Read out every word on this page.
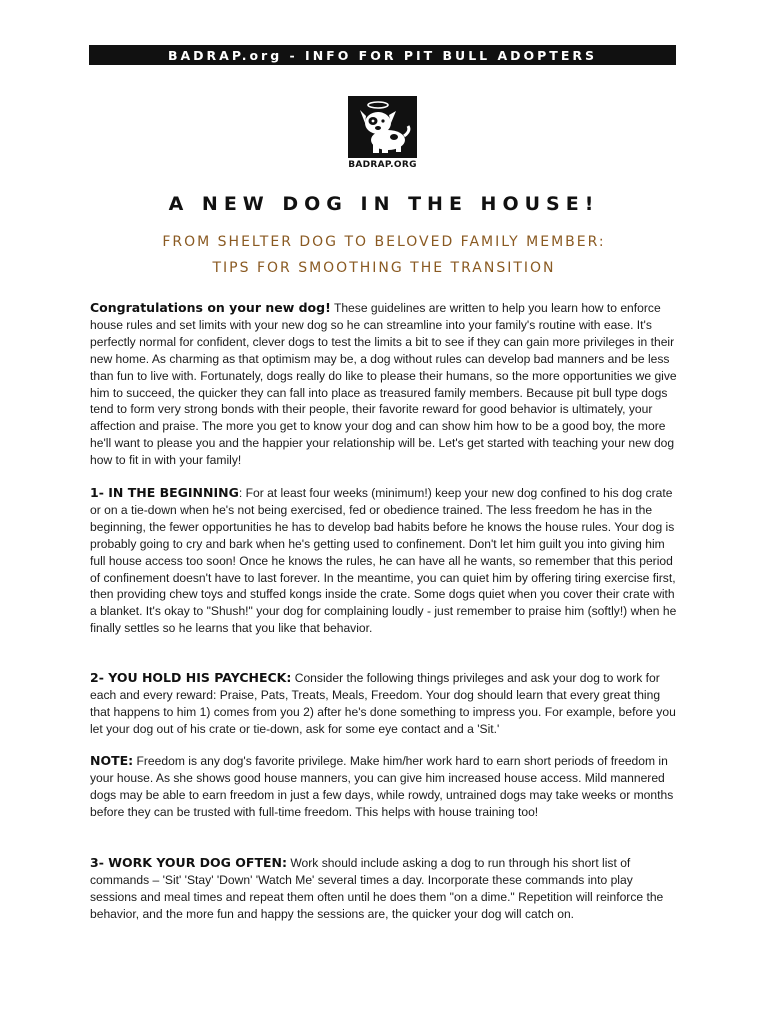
BADRAP.org - INFO FOR PIT BULL ADOPTERS
BADRAP.ORG
A NEW DOG IN THE HOUSE!
FROM SHELTER DOG TO BELOVED FAMILY MEMBER:
TIPS FOR SMOOTHING THE TRANSITION
Congratulations on your new dog! These guidelines are written to help you learn how to enforce house rules and set limits with your new dog so he can streamline into your family's routine with ease. It's perfectly normal for confident, clever dogs to test the limits a bit to see if they can gain more privileges in their new home. As charming as that optimism may be, a dog without rules can develop bad manners and be less than fun to live with. Fortunately, dogs really do like to please their humans, so the more opportunities we give him to succeed, the quicker they can fall into place as treasured family members. Because pit bull type dogs tend to form very strong bonds with their people, their favorite reward for good behavior is ultimately, your affection and praise. The more you get to know your dog and can show him how to be a good boy, the more he'll want to please you and the happier your relationship will be. Let's get started with teaching your new dog how to fit in with your family!
1- IN THE BEGINNING: For at least four weeks (minimum!) keep your new dog confined to his dog crate or on a tie-down when he's not being exercised, fed or obedience trained. The less freedom he has in the beginning, the fewer opportunities he has to develop bad habits before he knows the house rules. Your dog is probably going to cry and bark when he's getting used to confinement. Don't let him guilt you into giving him full house access too soon! Once he knows the rules, he can have all he wants, so remember that this period of confinement doesn't have to last forever. In the meantime, you can quiet him by offering tiring exercise first, then providing chew toys and stuffed kongs inside the crate. Some dogs quiet when you cover their crate with a blanket. It's okay to "Shush!" your dog for complaining loudly - just remember to praise him (softly!) when he finally settles so he learns that you like that behavior.
2- YOU HOLD HIS PAYCHECK: Consider the following things privileges and ask your dog to work for each and every reward: Praise, Pats, Treats, Meals, Freedom. Your dog should learn that every great thing that happens to him 1) comes from you 2) after he's done something to impress you. For example, before you let your dog out of his crate or tie-down, ask for some eye contact and a 'Sit.'
NOTE: Freedom is any dog's favorite privilege. Make him/her work hard to earn short periods of freedom in your house. As she shows good house manners, you can give him increased house access. Mild mannered dogs may be able to earn freedom in just a few days, while rowdy, untrained dogs may take weeks or months before they can be trusted with full-time freedom. This helps with house training too!
3- WORK YOUR DOG OFTEN: Work should include asking a dog to run through his short list of commands – 'Sit' 'Stay' 'Down' 'Watch Me' several times a day. Incorporate these commands into play sessions and meal times and repeat them often until he does them "on a dime." Repetition will reinforce the behavior, and the more fun and happy the sessions are, the quicker your dog will catch on.
